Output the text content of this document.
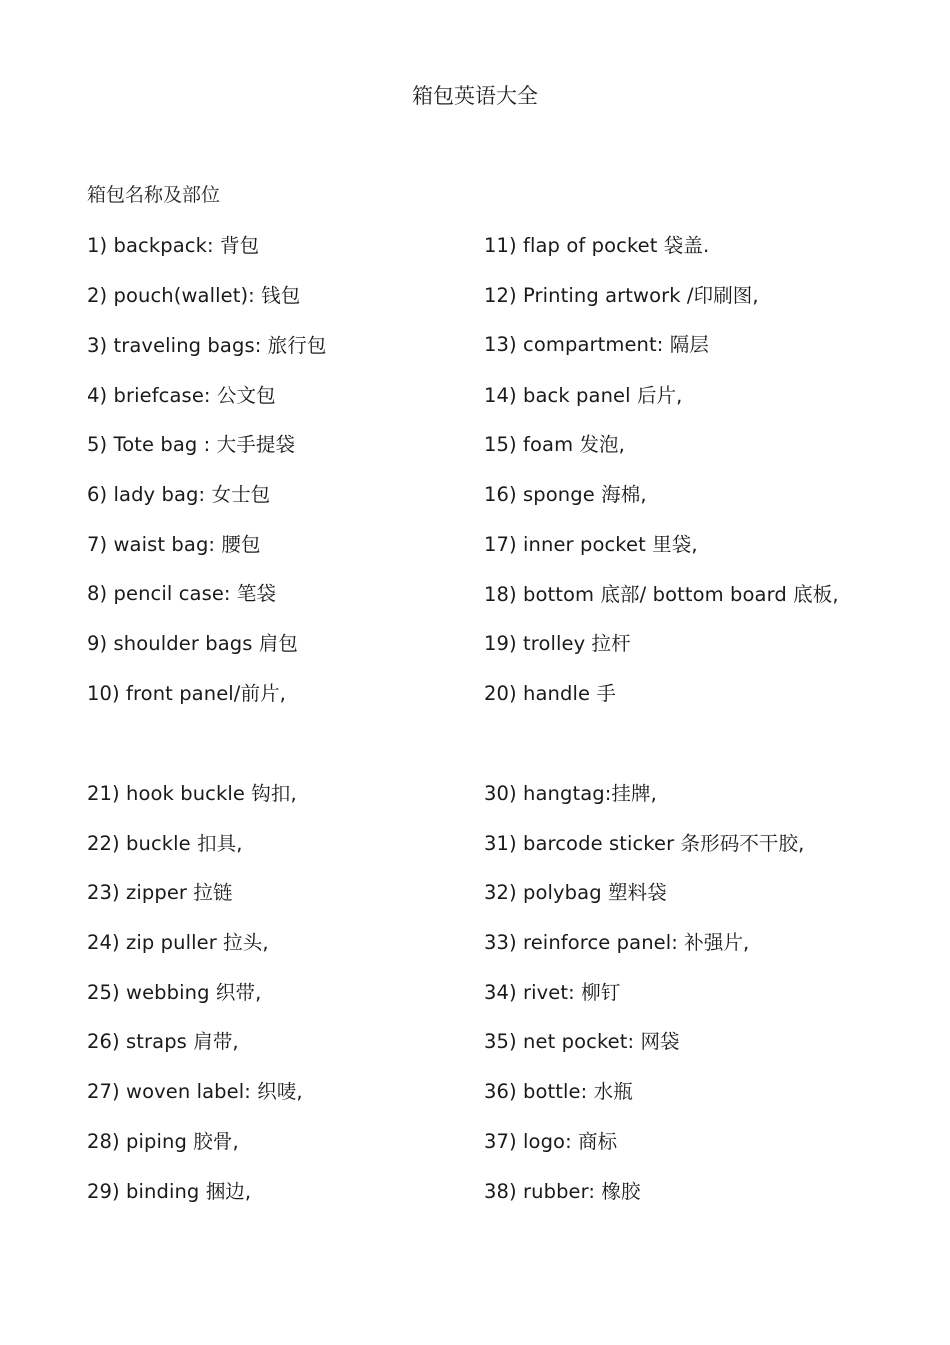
箱包英语大全
箱包名称及部位
1) backpack: 背包
2) pouch(wallet): 钱包
3) traveling bags: 旅行包
4) briefcase: 公文包
5) Tote bag : 大手提袋
6) lady bag: 女士包
7) waist bag: 腰包
8) pencil case: 笔袋
9) shoulder bags 肩包
10) front panel/前片,
11) flap of pocket 袋盖.
12) Printing artwork /印刷图,
13) compartment: 隔层
14) back panel 后片,
15) foam 发泡,
16) sponge 海棉,
17) inner pocket 里袋,
18) bottom 底部/ bottom board 底板,
19) trolley 拉杆
20) handle 手
21) hook buckle 钩扣,
22) buckle 扣具,
23) zipper 拉链
24) zip puller 拉头,
25) webbing 织带,
26) straps 肩带,
27) woven label: 织唛,
28) piping 胶骨,
29) binding 捆边,
30) hangtag:挂牌,
31) barcode sticker 条形码不干胶,
32) polybag 塑料袋
33) reinforce panel: 补强片,
34) rivet: 柳钉
35) net pocket: 网袋
36) bottle: 水瓶
37) logo: 商标
38) rubber: 橡胶
